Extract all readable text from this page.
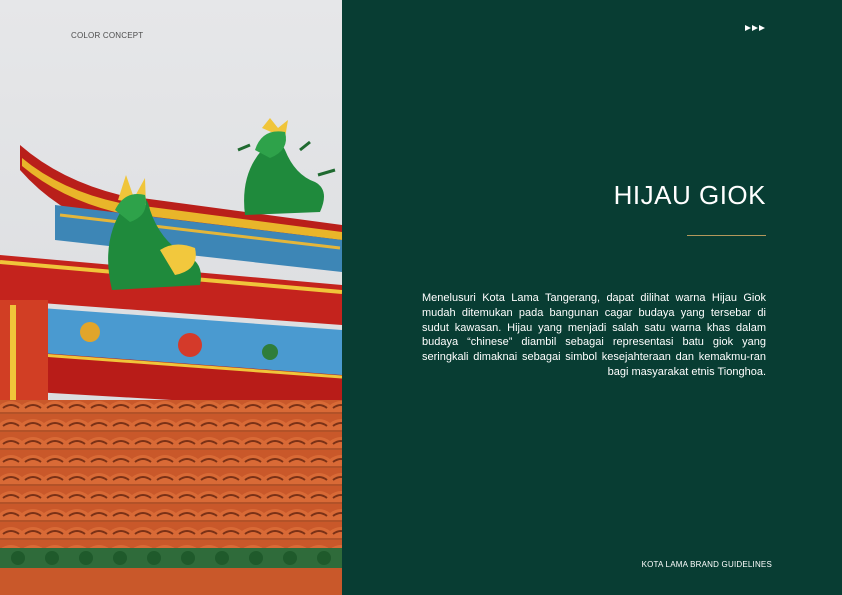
COLOR CONCEPT
HIJAU GIOK
Menelusuri Kota Lama Tangerang, dapat dilihat warna Hijau Giok mudah ditemukan pada bangunan cagar budaya yang tersebar di sudut kawasan. Hijau yang menjadi salah satu warna khas dalam budaya “chinese” diambil sebagai representasi batu giok yang seringkali dimaknai sebagai simbol kesejahteraan dan kemakmu-ran bagi masyarakat etnis Tionghoa.
KOTA LAMA BRAND GUIDELINES
